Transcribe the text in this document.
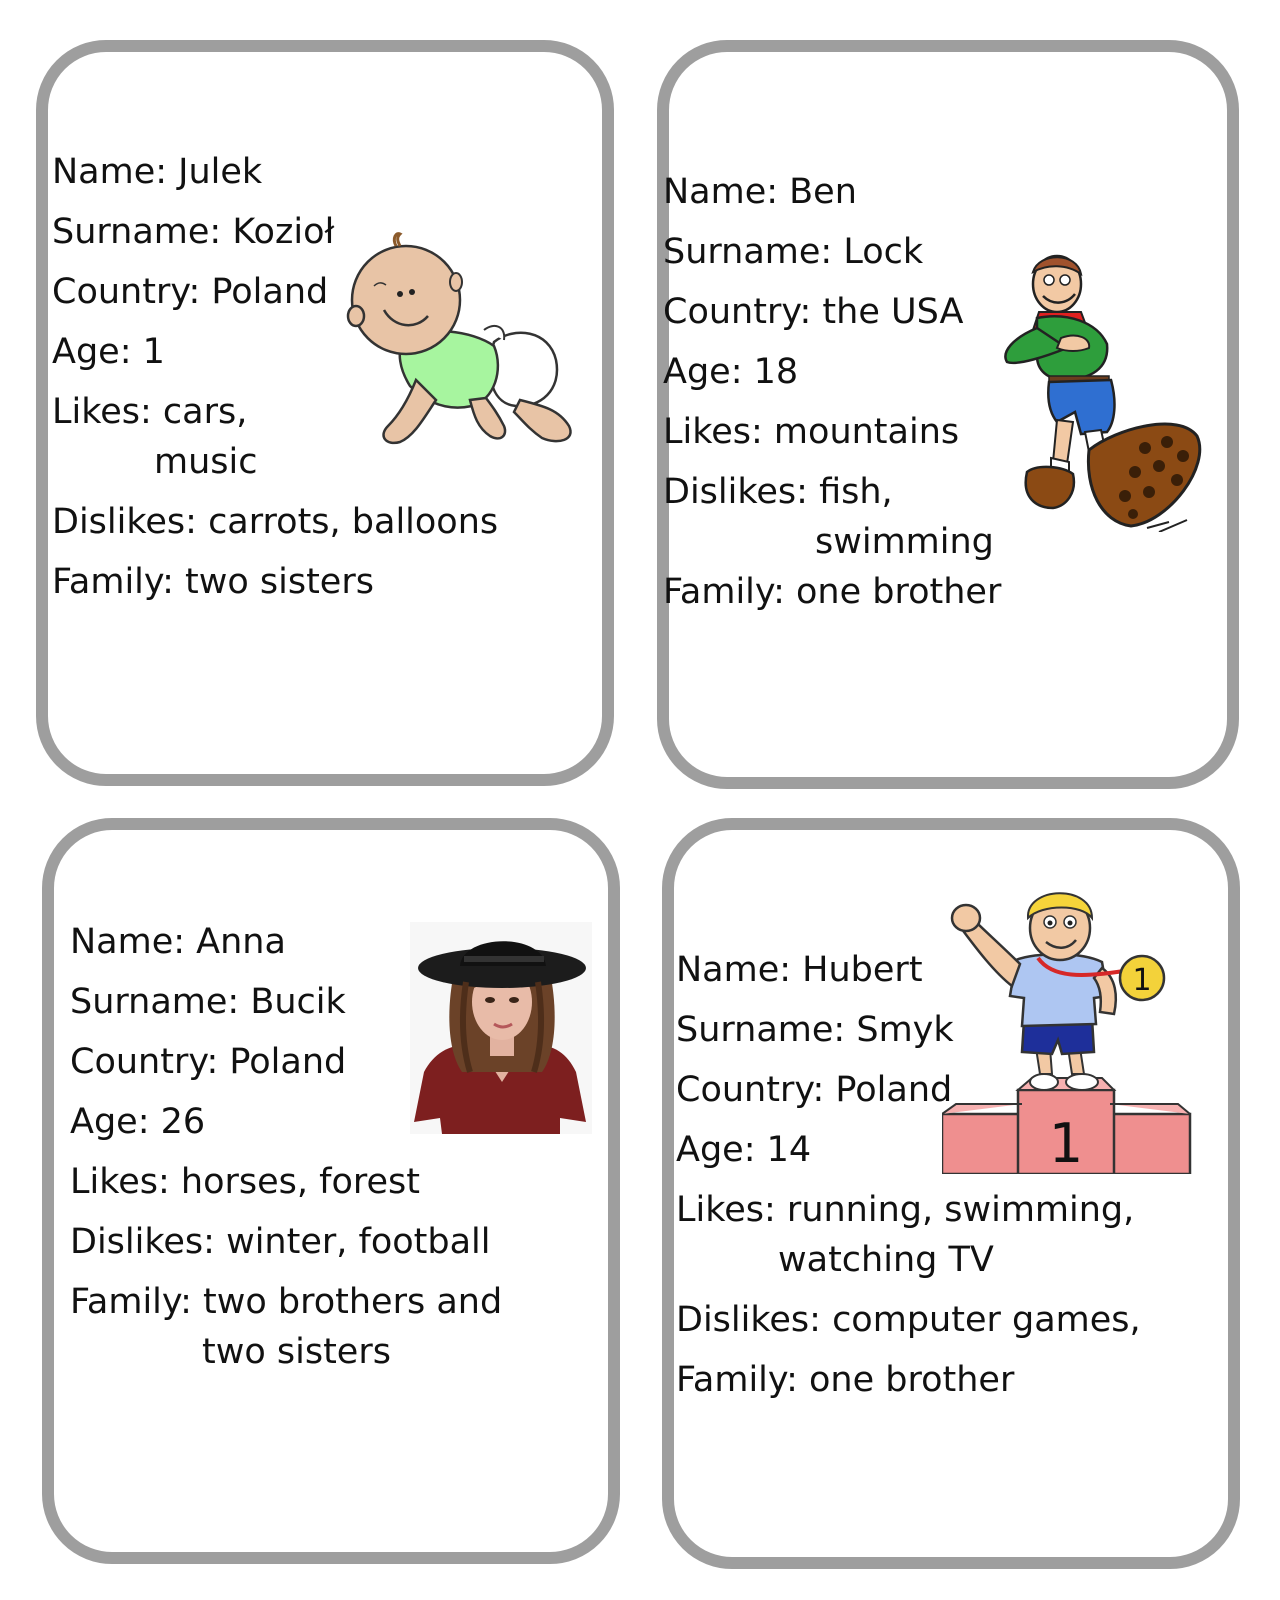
Name: Julek
Surname: Kozioł
Country: Poland
Age: 1
Likes: cars,
music
Dislikes: carrots, balloons
Family: two sisters
Name: Ben
Surname: Lock
Country: the USA
Age: 18
Likes: mountains
Dislikes: fish,
swimming
Family: one brother
Name: Anna
Surname: Bucik
Country: Poland
Age: 26
Likes: horses, forest
Dislikes: winter, football
Family: two brothers and
two sisters
Name: Hubert
Surname: Smyk
Country: Poland
Age: 14
Likes: running, swimming,
watching TV
Dislikes: computer games,
Family: one brother
1
1
